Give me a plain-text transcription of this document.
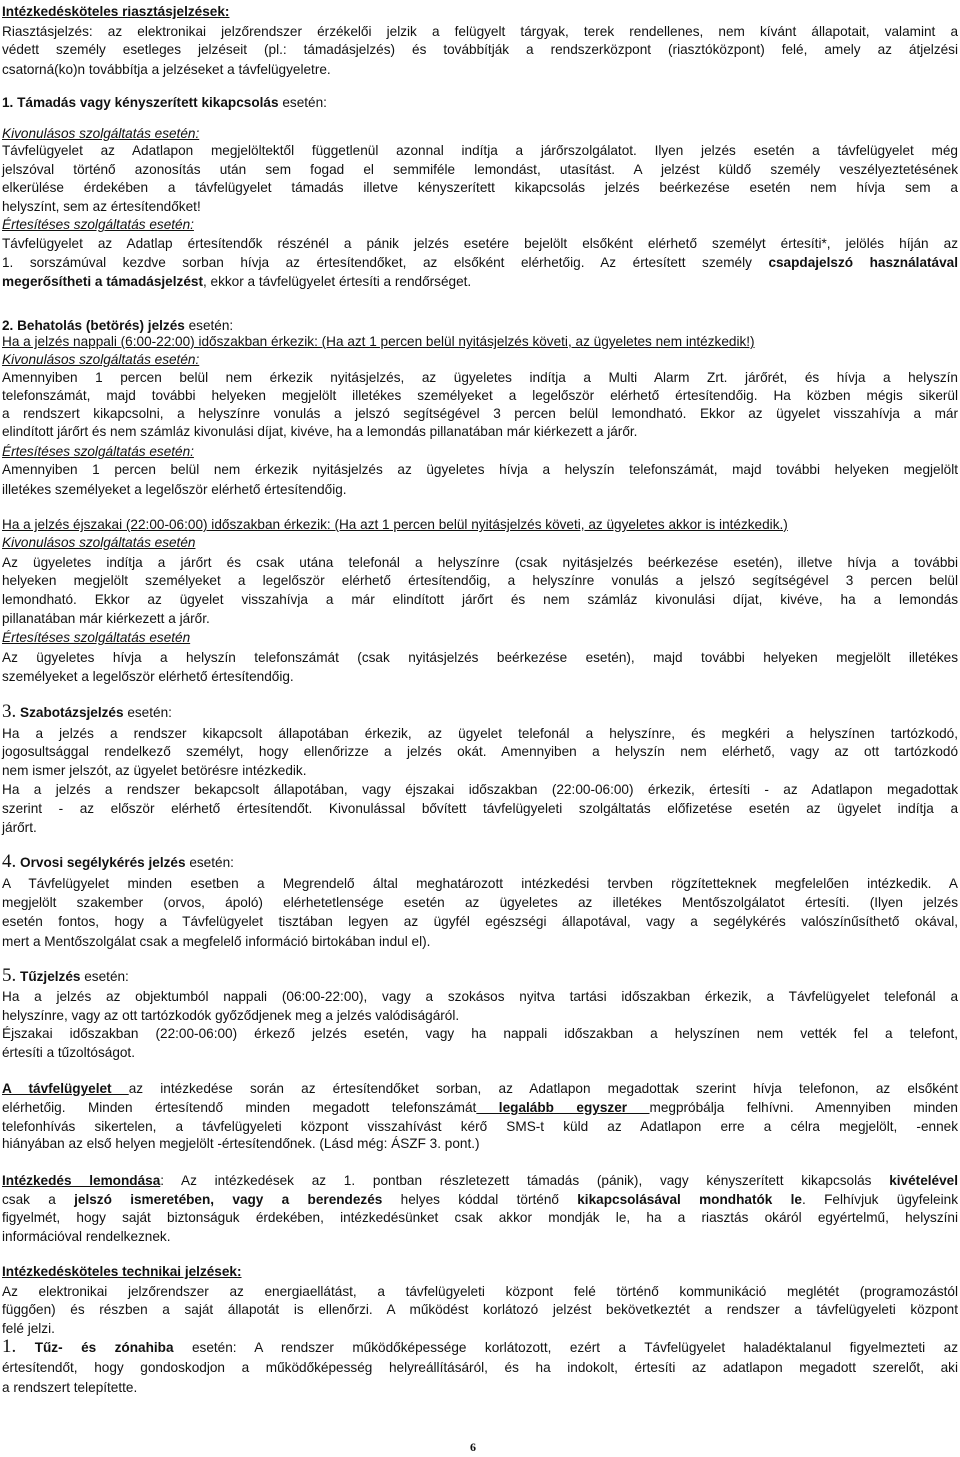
Intézkedésköteles riasztásjelzések:
Riasztásjelzés: az elektronikai jelzőrendszer érzékelői jelzik a felügyelt tárgyak, terek rendellenes, nem kívánt állapotait, valamint a
védett személy esetleges jelzéseit (pl.: támadásjelzés) és továbbítják a rendszerközpont (riasztóközpont) felé, amely az átjelzési
csatorná(ko)n továbbítja a jelzéseket a távfelügyeletre.
1. Támadás vagy kényszerített kikapcsolás esetén:
Kivonulásos szolgáltatás esetén:
Távfelügyelet az Adatlapon megjelöltektől függetlenül azonnal indítja a járőrszolgálatot. Ilyen jelzés esetén a távfelügyelet még
jelszóval történő azonosítás után sem fogad el semmiféle lemondást, utasítást. A jelzést küldő személy veszélyeztetésének
elkerülése érdekében a távfelügyelet támadás illetve kényszerített kikapcsolás jelzés beérkezése esetén nem hívja sem a
helyszínt, sem az értesítendőket!
Értesítéses szolgáltatás esetén:
Távfelügyelet az Adatlap értesítendők részénél a pánik jelzés esetére bejelölt elsőként elérhető személyt értesíti*, jelölés híján az
1. sorszámúval kezdve sorban hívja az értesítendőket, az elsőként elérhetőig. Az értesített személy csapdajelszó használatával
megerősítheti a támadásjelzést, ekkor a távfelügyelet értesíti a rendőrséget.
2. Behatolás (betörés) jelzés esetén:
Ha a jelzés nappali (6:00-22:00) időszakban érkezik: (Ha azt 1 percen belül nyitásjelzés követi, az ügyeletes nem intézkedik!)
Kivonulásos szolgáltatás esetén:
Amennyiben 1 percen belül nem érkezik nyitásjelzés, az ügyeletes indítja a Multi Alarm Zrt. járőrét, és hívja a helyszín
telefonszámát, majd további helyeken megjelölt illetékes személyeket a legelőször elérhető értesítendőig. Ha közben mégis sikerül
a rendszert kikapcsolni, a helyszínre vonulás a jelszó segítségével 3 percen belül lemondható. Ekkor az ügyelet visszahívja a már
elindított járőrt és nem számláz kivonulási díjat, kivéve, ha a lemondás pillanatában már kiérkezett a járőr.
Értesítéses szolgáltatás esetén:
Amennyiben 1 percen belül nem érkezik nyitásjelzés az ügyeletes hívja a helyszín telefonszámát, majd további helyeken megjelölt
illetékes személyeket a legelőször elérhető értesítendőig.
Ha a jelzés éjszakai (22:00-06:00) időszakban érkezik: (Ha azt 1 percen belül nyitásjelzés követi, az ügyeletes akkor is intézkedik.)
Kivonulásos szolgáltatás esetén
Az ügyeletes indítja a járőrt és csak utána telefonál a helyszínre (csak nyitásjelzés beérkezése esetén), illetve hívja a további
helyeken megjelölt személyeket a legelőször elérhető értesítendőig, a helyszínre vonulás a jelszó segítségével 3 percen belül
lemondható. Ekkor az ügyelet visszahívja a már elindított járőrt és nem számláz kivonulási díjat, kivéve, ha a lemondás
pillanatában már kiérkezett a járőr.
Értesítéses szolgáltatás esetén
Az ügyeletes hívja a helyszín telefonszámát (csak nyitásjelzés beérkezése esetén), majd további helyeken megjelölt illetékes
személyeket a legelőször elérhető értesítendőig.
3. Szabotázsjelzés esetén:
Ha a jelzés a rendszer kikapcsolt állapotában érkezik, az ügyelet telefonál a helyszínre, és megkéri a helyszínen tartózkodó,
jogosultsággal rendelkező személyt, hogy ellenőrizze a jelzés okát. Amennyiben a helyszín nem elérhető, vagy az ott tartózkodó
nem ismer jelszót, az ügyelet betörésre intézkedik.
Ha a jelzés a rendszer bekapcsolt állapotában, vagy éjszakai időszakban (22:00-06:00) érkezik, értesíti - az Adatlapon megadottak
szerint - az először elérhető értesítendőt. Kivonulással bővített távfelügyeleti szolgáltatás előfizetése esetén az ügyelet indítja a
járőrt.
4. Orvosi segélykérés jelzés esetén:
A Távfelügyelet minden esetben a Megrendelő által meghatározott intézkedési tervben rögzítetteknek megfelelően intézkedik. A
megjelölt szakember (orvos, ápoló) elérhetetlensége esetén az ügyeletes az illetékes Mentőszolgálatot értesíti. (Ilyen jelzés
esetén fontos, hogy a Távfelügyelet tisztában legyen az ügyfél egészségi állapotával, vagy a segélykérés valószínűsíthető okával,
mert a Mentőszolgálat csak a megfelelő információ birtokában indul el).
5. Tűzjelzés esetén:
Ha a jelzés az objektumból nappali (06:00-22:00), vagy a szokásos nyitva tartási időszakban érkezik, a Távfelügyelet telefonál a
helyszínre, vagy az ott tartózkodók győződjenek meg a jelzés valódiságáról.
Éjszakai időszakban (22:00-06:00) érkező jelzés esetén, vagy ha nappali időszakban a helyszínen nem vették fel a telefont,
értesíti a tűzoltóságot.
A távfelügyelet az intézkedése során az értesítendőket sorban, az Adatlapon megadottak szerint hívja telefonon, az elsőként
elérhetőig. Minden értesítendő minden megadott telefonszámát legalább egyszer megpróbálja felhívni. Amennyiben minden
telefonhívás sikertelen, a távfelügyeleti központ visszahívást kérő SMS-t küld az Adatlapon erre a célra megjelölt, -ennek
hiányában az első helyen megjelölt -értesítendőnek. (Lásd még: ÁSZF 3. pont.)
Intézkedés lemondása: Az intézkedések az 1. pontban részletezett támadás (pánik), vagy kényszerített kikapcsolás kivételével
csak a jelszó ismeretében, vagy a berendezés helyes kóddal történő kikapcsolásával mondhatók le. Felhívjuk ügyfeleink
figyelmét, hogy saját biztonságuk érdekében, intézkedésünket csak akkor mondják le, ha a riasztás okáról egyértelmű, helyszíni
információval rendelkeznek.
Intézkedésköteles technikai jelzések:
Az elektronikai jelzőrendszer az energiaellátást, a távfelügyeleti központ felé történő kommunikáció meglétét (programozástól
függően) és részben a saját állapotát is ellenőrzi. A működést korlátozó jelzést bekövetkeztét a rendszer a távfelügyeleti központ
felé jelzi.
1. Tűz- és zónahiba esetén: A rendszer működőképessége korlátozott, ezért a Távfelügyelet haladéktalanul figyelmezteti az
értesítendőt, hogy gondoskodjon a működőképesség helyreállításáról, és ha indokolt, értesíti az adatlapon megadott szerelőt, aki
a rendszert telepítette.
6
